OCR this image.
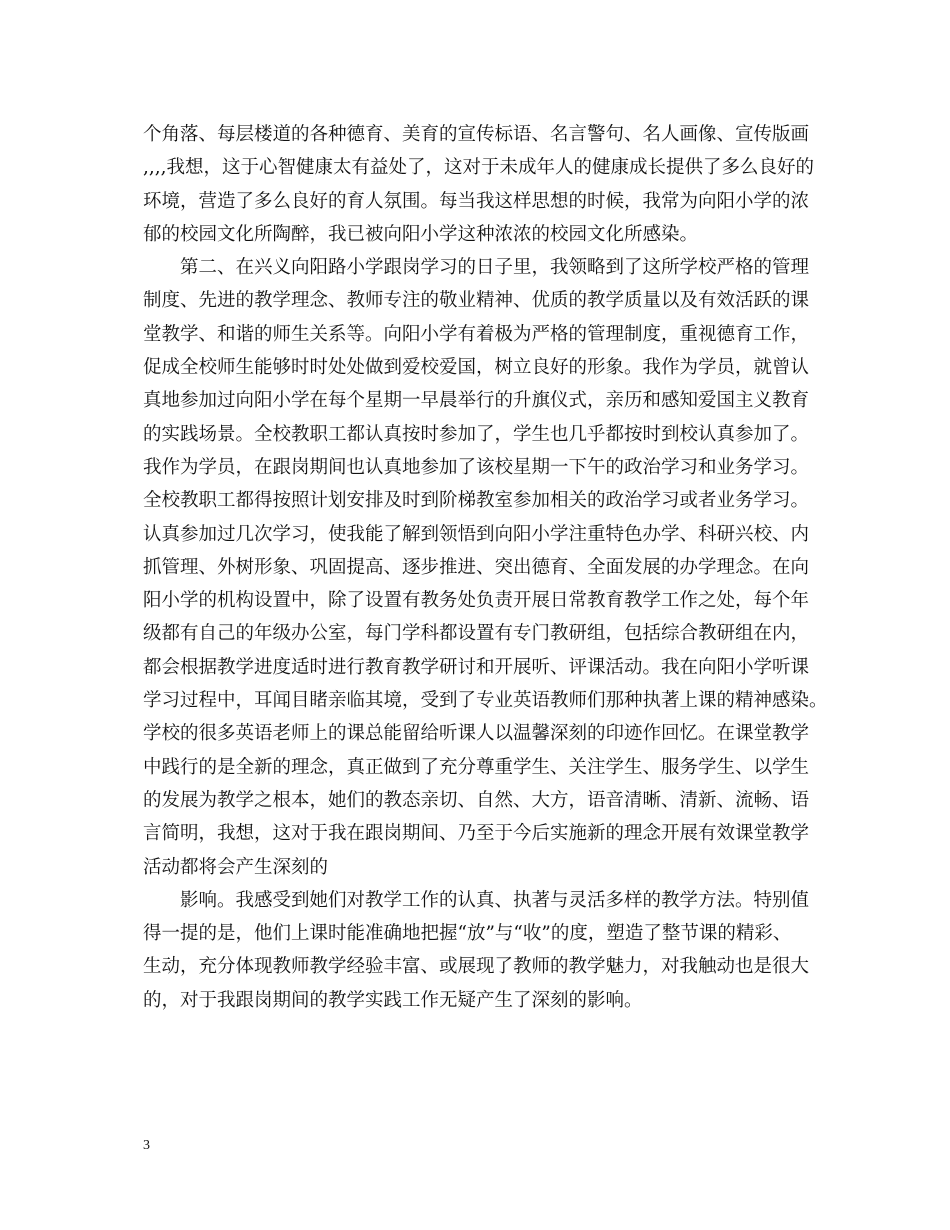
个角落、每层楼道的各种德育、美育的宣传标语、名言警句、名人画像、宣传版画
,,,,我想，这于心智健康太有益处了，这对于未成年人的健康成长提供了多么良好的
环境，营造了多么良好的育人氛围。每当我这样思想的时候，我常为向阳小学的浓
郁的校园文化所陶醉，我已被向阳小学这种浓浓的校园文化所感染。
第二、在兴义向阳路小学跟岗学习的日子里，我领略到了这所学校严格的管理
制度、先进的教学理念、教师专注的敬业精神、优质的教学质量以及有效活跃的课
堂教学、和谐的师生关系等。向阳小学有着极为严格的管理制度，重视德育工作，
促成全校师生能够时时处处做到爱校爱国，树立良好的形象。我作为学员，就曾认
真地参加过向阳小学在每个星期一早晨举行的升旗仪式，亲历和感知爱国主义教育
的实践场景。全校教职工都认真按时参加了，学生也几乎都按时到校认真参加了。
我作为学员，在跟岗期间也认真地参加了该校星期一下午的政治学习和业务学习。
全校教职工都得按照计划安排及时到阶梯教室参加相关的政治学习或者业务学习。
认真参加过几次学习，使我能了解到领悟到向阳小学注重特色办学、科研兴校、内
抓管理、外树形象、巩固提高、逐步推进、突出德育、全面发展的办学理念。在向
阳小学的机构设置中，除了设置有教务处负责开展日常教育教学工作之处，每个年
级都有自己的年级办公室，每门学科都设置有专门教研组，包括综合教研组在内，
都会根据教学进度适时进行教育教学研讨和开展听、评课活动。我在向阳小学听课
学习过程中，耳闻目睹亲临其境，受到了专业英语教师们那种执著上课的精神感染。
学校的很多英语老师上的课总能留给听课人以温馨深刻的印迹作回忆。在课堂教学
中践行的是全新的理念，真正做到了充分尊重学生、关注学生、服务学生、以学生
的发展为教学之根本，她们的教态亲切、自然、大方，语音清晰、清新、流畅、语
言简明，我想，这对于我在跟岗期间、乃至于今后实施新的理念开展有效课堂教学
活动都将会产生深刻的
影响。我感受到她们对教学工作的认真、执著与灵活多样的教学方法。特别值
得一提的是，他们上课时能准确地把握“放”与“收”的度，塑造了整节课的精彩、
生动，充分体现教师教学经验丰富、或展现了教师的教学魅力，对我触动也是很大
的，对于我跟岗期间的教学实践工作无疑产生了深刻的影响。
3
